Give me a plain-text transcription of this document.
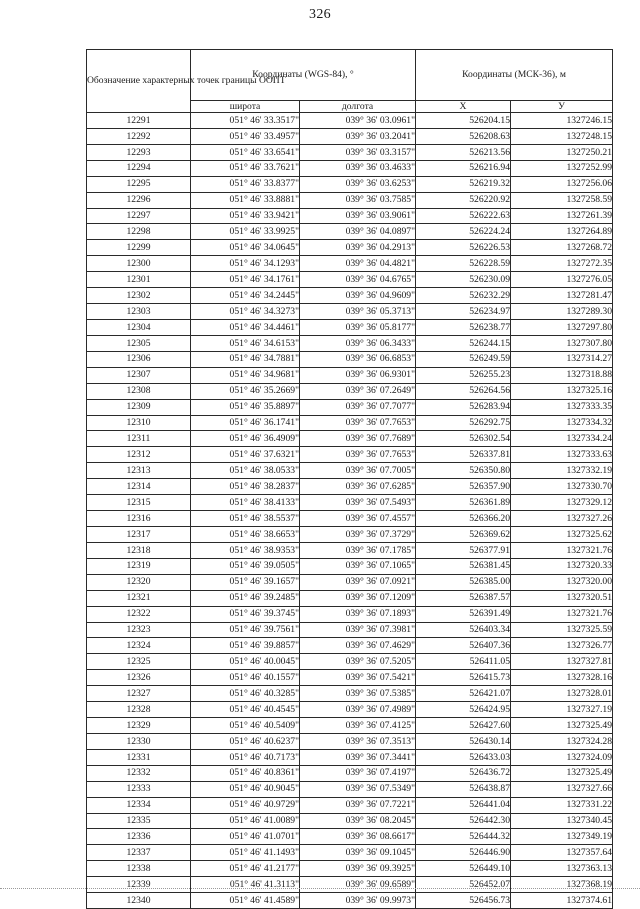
326
Обозначение характерных точек границы ООПТ	Координаты (WGS-84), °		Координаты (МСК-36), м	
	широта	долгота	X	У
12291	051° 46' 33.3517"	039° 36' 03.0961"	526204.15	1327246.15
12292	051° 46' 33.4957"	039° 36' 03.2041"	526208.63	1327248.15
12293	051° 46' 33.6541"	039° 36' 03.3157"	526213.56	1327250.21
12294	051° 46' 33.7621"	039° 36' 03.4633"	526216.94	1327252.99
12295	051° 46' 33.8377"	039° 36' 03.6253"	526219.32	1327256.06
12296	051° 46' 33.8881"	039° 36' 03.7585"	526220.92	1327258.59
12297	051° 46' 33.9421"	039° 36' 03.9061"	526222.63	1327261.39
12298	051° 46' 33.9925"	039° 36' 04.0897"	526224.24	1327264.89
12299	051° 46' 34.0645"	039° 36' 04.2913"	526226.53	1327268.72
12300	051° 46' 34.1293"	039° 36' 04.4821"	526228.59	1327272.35
12301	051° 46' 34.1761"	039° 36' 04.6765"	526230.09	1327276.05
12302	051° 46' 34.2445"	039° 36' 04.9609"	526232.29	1327281.47
12303	051° 46' 34.3273"	039° 36' 05.3713"	526234.97	1327289.30
12304	051° 46' 34.4461"	039° 36' 05.8177"	526238.77	1327297.80
12305	051° 46' 34.6153"	039° 36' 06.3433"	526244.15	1327307.80
12306	051° 46' 34.7881"	039° 36' 06.6853"	526249.59	1327314.27
12307	051° 46' 34.9681"	039° 36' 06.9301"	526255.23	1327318.88
12308	051° 46' 35.2669"	039° 36' 07.2649"	526264.56	1327325.16
12309	051° 46' 35.8897"	039° 36' 07.7077"	526283.94	1327333.35
12310	051° 46' 36.1741"	039° 36' 07.7653"	526292.75	1327334.32
12311	051° 46' 36.4909"	039° 36' 07.7689"	526302.54	1327334.24
12312	051° 46' 37.6321"	039° 36' 07.7653"	526337.81	1327333.63
12313	051° 46' 38.0533"	039° 36' 07.7005"	526350.80	1327332.19
12314	051° 46' 38.2837"	039° 36' 07.6285"	526357.90	1327330.70
12315	051° 46' 38.4133"	039° 36' 07.5493"	526361.89	1327329.12
12316	051° 46' 38.5537"	039° 36' 07.4557"	526366.20	1327327.26
12317	051° 46' 38.6653"	039° 36' 07.3729"	526369.62	1327325.62
12318	051° 46' 38.9353"	039° 36' 07.1785"	526377.91	1327321.76
12319	051° 46' 39.0505"	039° 36' 07.1065"	526381.45	1327320.33
12320	051° 46' 39.1657"	039° 36' 07.0921"	526385.00	1327320.00
12321	051° 46' 39.2485"	039° 36' 07.1209"	526387.57	1327320.51
12322	051° 46' 39.3745"	039° 36' 07.1893"	526391.49	1327321.76
12323	051° 46' 39.7561"	039° 36' 07.3981"	526403.34	1327325.59
12324	051° 46' 39.8857"	039° 36' 07.4629"	526407.36	1327326.77
12325	051° 46' 40.0045"	039° 36' 07.5205"	526411.05	1327327.81
12326	051° 46' 40.1557"	039° 36' 07.5421"	526415.73	1327328.16
12327	051° 46' 40.3285"	039° 36' 07.5385"	526421.07	1327328.01
12328	051° 46' 40.4545"	039° 36' 07.4989"	526424.95	1327327.19
12329	051° 46' 40.5409"	039° 36' 07.4125"	526427.60	1327325.49
12330	051° 46' 40.6237"	039° 36' 07.3513"	526430.14	1327324.28
12331	051° 46' 40.7173"	039° 36' 07.3441"	526433.03	1327324.09
12332	051° 46' 40.8361"	039° 36' 07.4197"	526436.72	1327325.49
12333	051° 46' 40.9045"	039° 36' 07.5349"	526438.87	1327327.66
12334	051° 46' 40.9729"	039° 36' 07.7221"	526441.04	1327331.22
12335	051° 46' 41.0089"	039° 36' 08.2045"	526442.30	1327340.45
12336	051° 46' 41.0701"	039° 36' 08.6617"	526444.32	1327349.19
12337	051° 46' 41.1493"	039° 36' 09.1045"	526446.90	1327357.64
12338	051° 46' 41.2177"	039° 36' 09.3925"	526449.10	1327363.13
12339	051° 46' 41.3113"	039° 36' 09.6589"	526452.07	1327368.19
12340	051° 46' 41.4589"	039° 36' 09.9973"	526456.73	1327374.61
